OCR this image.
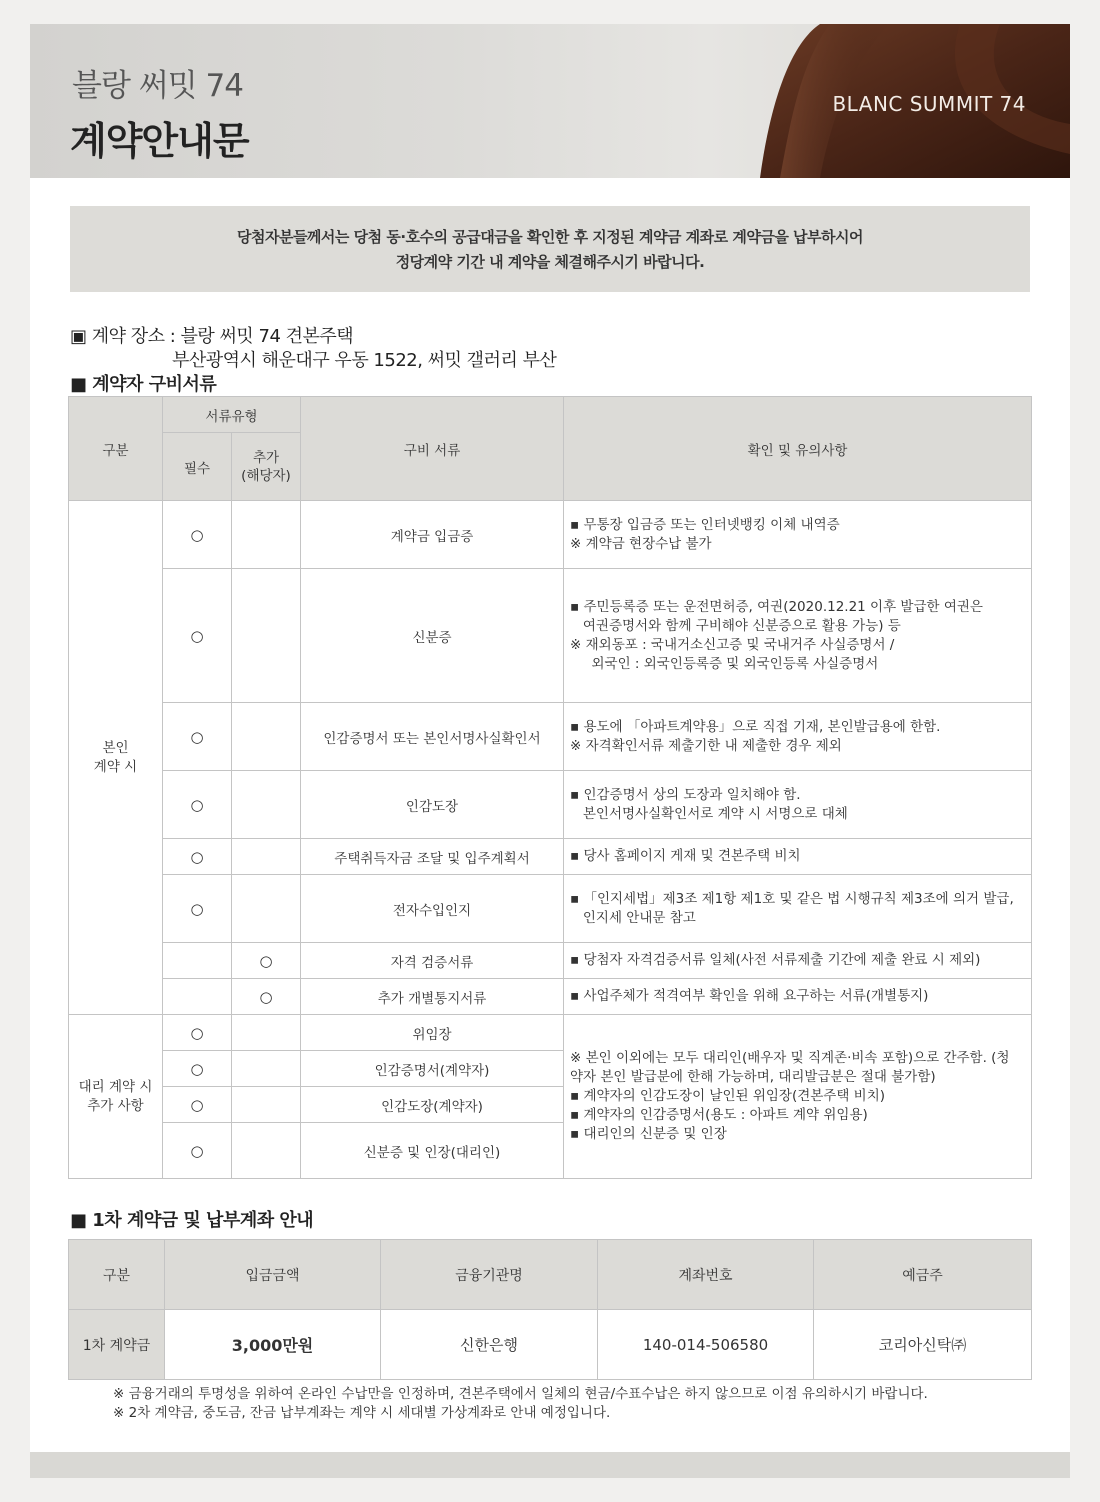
블랑 써밋 74
계약안내문
BLANC SUMMIT 74
당첨자분들께서는 당첨 동·호수의 공급대금을 확인한 후 지정된 계약금 계좌로 계약금을 납부하시어
정당계약 기간 내 계약을 체결해주시기 바랍니다.
▣ 계약 장소 : 블랑 써밋 74 견본주택
부산광역시 해운대구 우동 1522, 써밋 갤러리 부산
■ 계약자 구비서류
구분	서류유형		구비 서류	확인 및 유의사항
	필수	추가
(해당자)		
본인
계약 시	○		계약금 입금증	▪ 무통장 입금증 또는 인터넷뱅킹 이체 내역증
※ 계약금 현장수납 불가
	○		신분증	▪ 주민등록증 또는 운전면허증, 여권(2020.12.21 이후 발급한 여권은
여권증명서와 함께 구비해야 신분증으로 활용 가능) 등
※ 재외동포 : 국내거소신고증 및 국내거주 사실증명서 /
외국인 : 외국인등록증 및 외국인등록 사실증명서
	○		인감증명서 또는 본인서명사실확인서	▪ 용도에 「아파트계약용」으로 직접 기재, 본인발급용에 한함.
※ 자격확인서류 제출기한 내 제출한 경우 제외
	○		인감도장	▪ 인감증명서 상의 도장과 일치해야 함.
본인서명사실확인서로 계약 시 서명으로 대체
	○		주택취득자금 조달 및 입주계획서	▪ 당사 홈페이지 게재 및 견본주택 비치
	○		전자수입인지	▪ 「인지세법」제3조 제1항 제1호 및 같은 법 시행규칙 제3조에 의거 발급,
인지세 안내문 참고
		○	자격 검증서류	▪ 당첨자 자격검증서류 일체(사전 서류제출 기간에 제출 완료 시 제외)
		○	추가 개별통지서류	▪ 사업주체가 적격여부 확인을 위해 요구하는 서류(개별통지)
대리 계약 시
추가 사항	○		위임장	※ 본인 이외에는 모두 대리인(배우자 및 직계존·비속 포함)으로 간주함. (청
약자 본인 발급분에 한해 가능하며, 대리발급분은 절대 불가함)
▪ 계약자의 인감도장이 날인된 위임장(견본주택 비치)
▪ 계약자의 인감증명서(용도 : 아파트 계약 위임용)
▪ 대리인의 신분증 및 인장
	○		인감증명서(계약자)	
	○		인감도장(계약자)	
	○		신분증 및 인장(대리인)	
■ 1차 계약금 및 납부계좌 안내
구분	입금금액	금융기관명	계좌번호	예금주
1차 계약금	3,000만원	신한은행	140-014-506580	코리아신탁㈜
※ 금융거래의 투명성을 위하여 온라인 수납만을 인정하며, 견본주택에서 일체의 현금/수표수납은 하지 않으므로 이점 유의하시기 바랍니다.
※ 2차 계약금, 중도금, 잔금 납부계좌는 계약 시 세대별 가상계좌로 안내 예정입니다.
